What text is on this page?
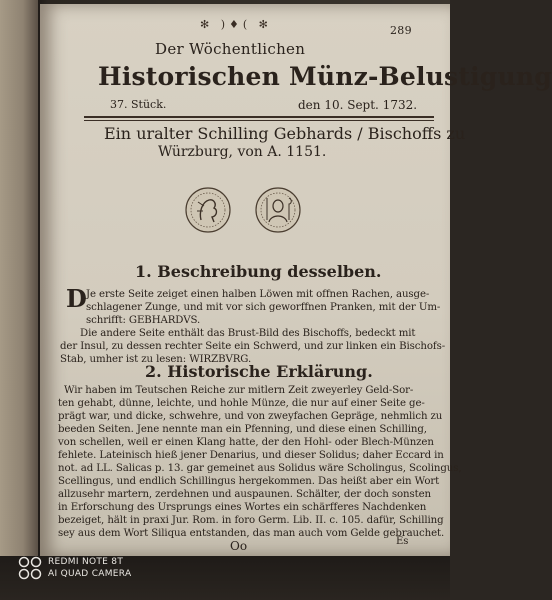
✻ )♦( ✻	289
Der Wöchentlichen
Historischen Münz-Belustigung
37. Stück.	den 10. Sept. 1732.
Ein uralter Schilling Gebhards / Bischoffs zu
Würzburg, von A. 1151.
1. Beschreibung desselben.
D Je erste Seite zeiget einen halben Löwen mit offnen Rachen, ausge-
schlagener Zunge, und mit vor sich geworffnen Pranken, mit der Um-
schrifft: GEBHARDVS.
Die andere Seite enthält das Brust-Bild des Bischoffs, bedeckt mit
der Insul, zu dessen rechter Seite ein Schwerd, und zur linken ein Bischofs-
Stab, umher ist zu lesen: WIRZBVRG.
2. Historische Erklärung.
Wir haben im Teutschen Reiche zur mitlern Zeit zweyerley Geld-Sor-
ten gehabt, dünne, leichte, und hohle Münze, die nur auf einer Seite ge-
prägt war, und dicke, schwehre, und von zweyfachen Gepräge, nehmlich zu
beeden Seiten. Jene nennte man ein Pfenning, und diese einen Schilling,
von schellen, weil er einen Klang hatte, der den Hohl- oder Blech-Münzen
fehlete. Lateinisch hieß jener Denarius, und dieser Solidus; daher Eccard in
not. ad LL. Salicas p. 13. gar gemeinet aus Solidus wäre Scholingus, Scolingus,
Scellingus, und endlich Schillingus hergekommen. Das heißt aber ein Wort
allzusehr martern, zerdehnen und auspaunen. Schälter, der doch sonsten
in Erforschung des Ursprungs eines Wortes ein schärfferes Nachdenken
bezeiget, hält in praxi Jur. Rom. in foro Germ. Lib. II. c. 105. dafür, Schilling
sey aus dem Wort Siliqua entstanden, das man auch vom Gelde gebrauchet.
Oo	Es
REDMI NOTE 8T
AI QUAD CAMERA
